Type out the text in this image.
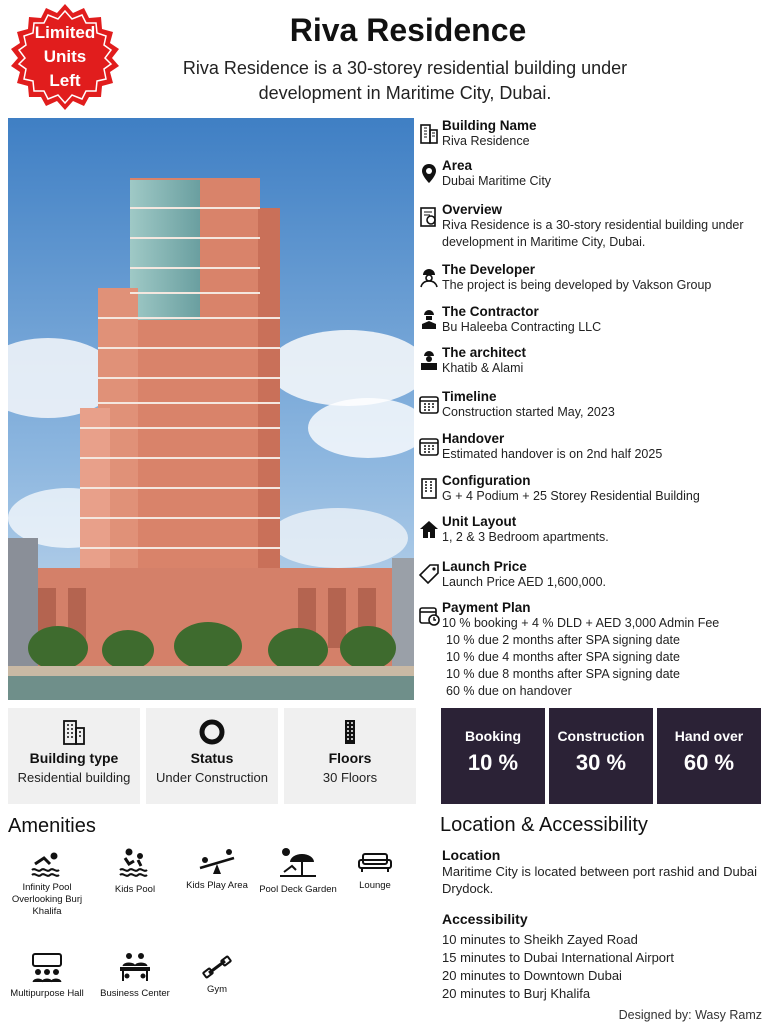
Limited
Units
Left
Riva Residence
Riva Residence is a 30-storey residential building under development in Maritime City, Dubai.
Building Name
Riva Residence
Area
Dubai Maritime City
Overview
Riva Residence is a 30-story residential building under development in Maritime City, Dubai.
The Developer
The project is being developed by Vakson Group
The Contractor
Bu Haleeba Contracting LLC
The architect
Khatib & Alami
Timeline
Construction started May, 2023
Handover
Estimated handover is on 2nd half 2025
Configuration
G + 4 Podium + 25 Storey Residential Building
Unit Layout
1, 2 & 3 Bedroom apartments.
Launch Price
Launch Price AED 1,600,000.
Payment Plan
10 % booking + 4 % DLD + AED 3,000 Admin Fee
10 % due 2 months after SPA signing date
10 % due 4 months after SPA signing date
10 % due 8 months after SPA signing date
60 % due on handover
Building type
Residential building
Status
Under Construction
Floors
30 Floors
Booking
10 %
Construction
30 %
Hand over
60 %
Amenities
Infinity Pool Overlooking Burj Khalifa
Kids Pool	Kids Play Area	Pool Deck Garden	Lounge
Multipurpose Hall	Business Center	Gym
Location & Accessibility
Location
Maritime City is located between port rashid and Dubai Drydock.
Accessibility
10 minutes to Sheikh Zayed Road
15 minutes to Dubai International Airport
20 minutes to Downtown Dubai
20 minutes to Burj Khalifa
Designed by: Wasy Ramz
